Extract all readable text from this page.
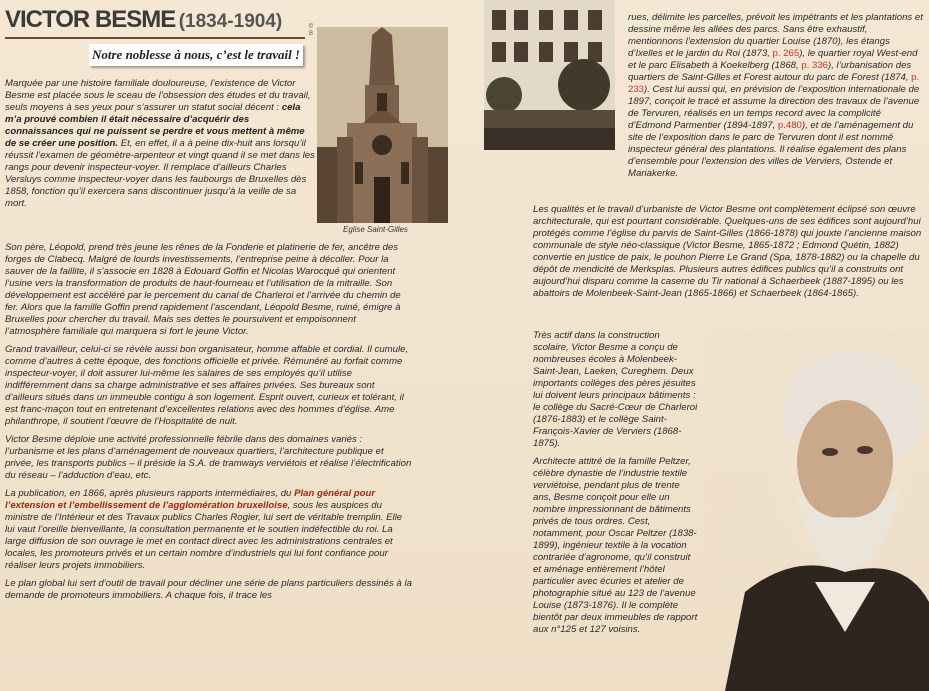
VICTOR BESME (1834-1904)	©B
Notre noblesse à nous, c’est le travail !
Eglise Saint-Gilles

Marquée par une histoire familiale douloureuse, l’existence de Victor Besme est placée sous le sceau de l’obsession des études et du travail, seuls moyens à ses yeux pour s’assurer un statut social décent : cela m’a prouvé combien il était nécessaire d’acquérir des connaissances qui ne puissent se perdre et vous mettent à même de se créer une position. Et, en effet, il a à peine dix-huit ans lorsqu’il réussit l’examen de géomètre-arpenteur et vingt quand il se met dans les rangs pour devenir inspecteur-voyer. Il remplace d’ailleurs Charles Versluys comme inspecteur-voyer dans les faubourgs de Bruxelles dès 1858, fonction qu’il exercera sans discontinuer jusqu’à la veille de sa mort.

Son père, Léopold, prend très jeune les rênes de la Fonderie et platinerie de fer, ancêtre des forges de Clabecq. Malgré de lourds investissements, l’entreprise peine à décoller. Pour la sauver de la faillite, il s’associe en 1828 à Edouard Goffin et Nicolas Warocqué qui orientent l’usine vers la transformation de produits de haut-fourneau et l’utilisation de la mitraille. Son développement est accéléré par le percement du canal de Charleroi et l’arrivée du chemin de fer. Alors que la famille Goffin prend rapidement l’ascendant, Léopold Besme, ruiné, émigre à Bruxelles pour chercher du travail. Mais ses dettes le poursuivent et empoisonnent l’atmosphère familiale qui marquera si fort le jeune Victor.

Grand travailleur, celui-ci se révèle aussi bon organisateur, homme affable et cordial. Il cumule, comme d’autres à cette époque, des fonctions officielle et privée. Rémunéré au forfait comme inspecteur-voyer, il doit assurer lui-même les salaires de ses employés qu’il utilise indifféremment dans sa charge administrative et ses affaires privées. Ses bureaux sont d’ailleurs situés dans un immeuble contigu à son logement. Esprit ouvert, curieux et tolérant, il est franc-maçon tout en entretenant d’excellentes relations avec des hommes d’église. Ame philanthrope, il soutient l’œuvre de l’Hospitalité de nuit.

Victor Besme déploie une activité professionnelle fébrile dans des domaines variés : l’urbanisme et les plans d’aménagement de nouveaux quartiers, l’architecture publique et privée, les transports publics – il préside la S.A. de tramways verviétois et réalise l’électrification du réseau – l’adduction d’eau, etc.

La publication, en 1866, après plusieurs rapports intermédiaires, du Plan général pour l’extension et l’embellissement de l’agglomération bruxelloise, sous les auspices du ministre de l’Intérieur et des Travaux publics Charles Rogier, lui sert de véritable tremplin. Elle lui vaut l’oreille bienveillante, la consultation permanente et le soutien indéfectible du roi. La large diffusion de son ouvrage le met en contact direct avec les administrations centrales et locales, les promoteurs privés et un certain nombre d’industriels qui lui font confiance pour réaliser leurs projets immobiliers.

Le plan global lui sert d’outil de travail pour décliner une série de plans particuliers dessinés à la demande de promoteurs immobiliers. A chaque fois, il trace les

rues, délimite les parcelles, prévoit les impétrants et les plantations et dessine même les allées des parcs. Sans être exhaustif, mentionnons l’extension du quartier Louise (1870), les étangs d’Ixelles et le jardin du Roi (1873, p. 265), le quartier royal West-end et le parc Elisabeth à Koekelberg (1868, p. 336), l’urbanisation des quartiers de Saint-Gilles et Forest autour du parc de Forest (1874, p. 233). Cest lui aussi qui, en prévision de l’exposition internationale de 1897, conçoit le tracé et assume la direction des travaux de l’avenue de Tervuren, réalisés en un temps record avec la complicité d’Edmond Parmentier (1894-1897, p.480), et de l’aménagement du site de l’exposition dans le parc de Tervuren dont il est nommé inspecteur général des plantations. Il réalise également des plans d’ensemble pour l’extension des villes de Verviers, Ostende et Mariakerke.

Les qualités et le travail d’urbaniste de Victor Besme ont complètement éclipsé son œuvre architecturale, qui est pourtant considérable. Quelques-uns de ses édifices sont aujourd’hui protégés comme l’église du parvis de Saint-Gilles (1866-1878) qui jouxte l’ancienne maison communale de style néo-classique (Victor Besme, 1865-1872 ; Edmond Quétin, 1882) convertie en justice de paix, le pouhon Pierre Le Grand (Spa, 1878-1882) ou la chapelle du dépôt de mendicité de Merksplas. Plusieurs autres édifices publics qu’il a construits ont aujourd’hui disparu comme la caserne du Tir national à Schaerbeek (1887-1895) ou les abattoirs de Molenbeek-Saint-Jean (1865-1866) et Schaerbeek (1864-1865).

Très actif dans la construction scolaire, Victor Besme a conçu de nombreuses écoles à Molenbeek-Saint-Jean, Laeken, Cureghem. Deux importants collèges des pères jésuites lui doivent leurs principaux bâtiments : le collège du Sacré-Cœur de Charleroi (1876-1883) et le collège Saint-François-Xavier de Verviers (1868-1875).

Architecte attitré de la famille Peltzer, célèbre dynastie de l’industrie textile verviétoise, pendant plus de trente ans, Besme conçoit pour elle un nombre impressionnant de bâtiments privés de tous ordres. Cest, notamment, pour Oscar Peltzer (1838-1899), ingénieur textile à la vocation contrariée d’agronome, qu’il construit et aménage entièrement l’hôtel particulier avec écuries et atelier de photographie situé au 123 de l’avenue Louise (1873-1876). Il le complète bientôt par deux immeubles de rapport aux n°125 et 127 voisins.
